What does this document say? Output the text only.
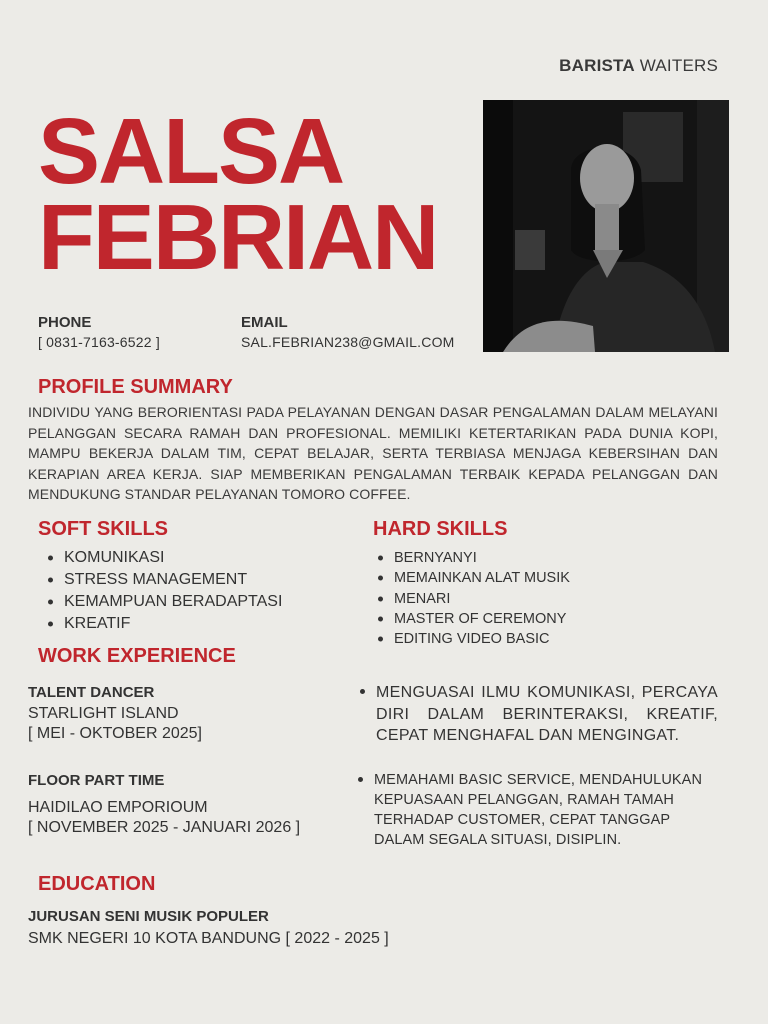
BARISTA WAITERS
SALSA
FEBRIAN
PHONE
[ 0831-7163-6522 ]
EMAIL
SAL.FEBRIAN238@GMAIL.COM
PROFILE SUMMARY

INDIVIDU YANG BERORIENTASI PADA PELAYANAN DENGAN DASAR PENGALAMAN DALAM MELAYANI PELANGGAN SECARA RAMAH DAN PROFESIONAL. MEMILIKI KETERTARIKAN PADA DUNIA KOPI, MAMPU BEKERJA DALAM TIM, CEPAT BELAJAR, SERTA TERBIASA MENJAGA KEBERSIHAN DAN KERAPIAN AREA KERJA. SIAP MEMBERIKAN PENGALAMAN TERBAIK KEPADA PELANGGAN DAN MENDUKUNG STANDAR PELAYANAN TOMORO COFFEE.

SOFT SKILLS
KOMUNIKASI
STRESS MANAGEMENT
KEMAMPUAN BERADAPTASI
KREATIF
HARD SKILLS
BERNYANYI
MEMAINKAN ALAT MUSIK
MENARI
MASTER OF CEREMONY
EDITING VIDEO BASIC
WORK EXPERIENCE
TALENT DANCER
STARLIGHT ISLAND
[ MEI - OKTOBER 2025]
MENGUASAI ILMU KOMUNIKASI, PERCAYA DIRI DALAM BERINTERAKSI, KREATIF, CEPAT MENGHAFAL DAN MENGINGAT.
FLOOR PART TIME
HAIDILAO EMPORIOUM
[ NOVEMBER 2025 - JANUARI 2026 ]
MEMAHAMI BASIC SERVICE, MENDAHULUKAN KEPUASAAN PELANGGAN, RAMAH TAMAH TERHADAP CUSTOMER, CEPAT TANGGAP DALAM SEGALA SITUASI, DISIPLIN.
EDUCATION
JURUSAN SENI MUSIK POPULER
SMK NEGERI 10 KOTA BANDUNG [ 2022 - 2025 ]
